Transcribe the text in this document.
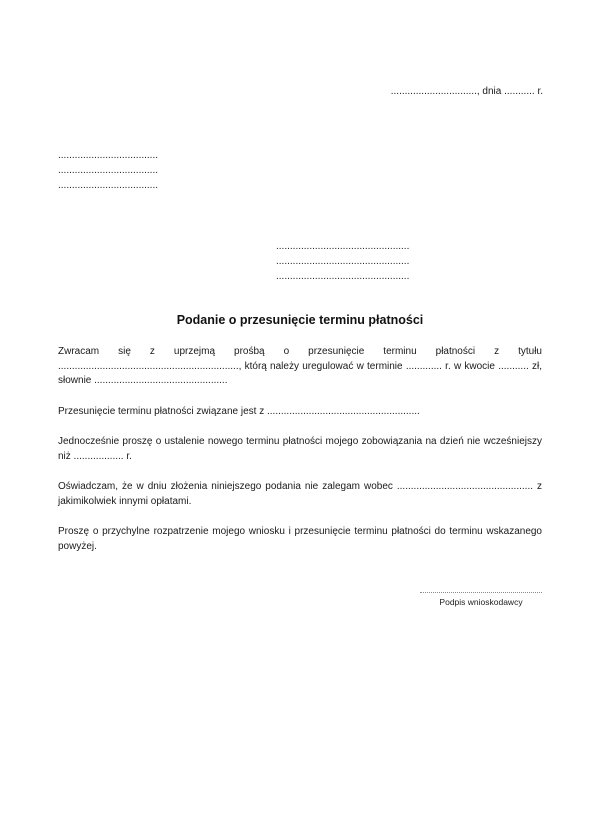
..............................., dnia ........... r.
....................................
....................................
....................................
................................................
................................................
................................................
Podanie o przesunięcie terminu płatności

Zwracam się z uprzejmą prośbą o przesunięcie terminu płatności z tytułu ................................................................., którą należy uregulować w terminie ............. r. w kwocie ........... zł, słownie ................................................

Przesunięcie terminu płatności związane jest z .......................................................

Jednocześnie proszę o ustalenie nowego terminu płatności mojego zobowiązania na dzień nie wcześniejszy niż .................. r.

Oświadczam, że w dniu złożenia niniejszego podania nie zalegam wobec ................................................. z jakimikolwiek innymi opłatami.

Proszę o przychylne rozpatrzenie mojego wniosku i przesunięcie terminu płatności do terminu wskazanego powyżej.

Podpis wnioskodawcy
